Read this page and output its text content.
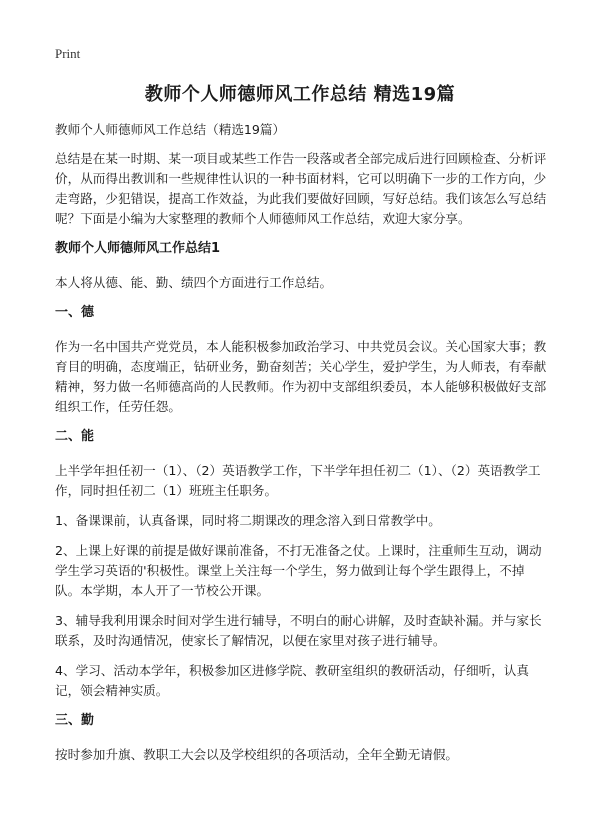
Print
教师个人师德师风工作总结 精选19篇

教师个人师德师风工作总结（精选19篇）

总结是在某一时期、某一项目或某些工作告一段落或者全部完成后进行回顾检查、分析评价，从而得出教训和一些规律性认识的一种书面材料，它可以明确下一步的工作方向，少走弯路，少犯错误，提高工作效益，为此我们要做好回顾，写好总结。我们该怎么写总结呢？下面是小编为大家整理的教师个人师德师风工作总结，欢迎大家分享。

教师个人师德师风工作总结1

本人将从德、能、勤、绩四个方面进行工作总结。

一、德

作为一名中国共产党党员，本人能积极参加政治学习、中共党员会议。关心国家大事；教育目的明确，态度端正，钻研业务，勤奋刻苦；关心学生，爱护学生，为人师表，有奉献精神，努力做一名师德高尚的人民教师。作为初中支部组织委员，本人能够积极做好支部组织工作，任劳任怨。

二、能

上半学年担任初一（1）、（2）英语教学工作，下半学年担任初二（1）、（2）英语教学工作，同时担任初二（1）班班主任职务。

1、备课课前，认真备课，同时将二期课改的理念溶入到日常教学中。

2、上课上好课的前提是做好课前准备，不打无准备之仗。上课时，注重师生互动，调动学生学习英语的'积极性。课堂上关注每一个学生，努力做到让每个学生跟得上，不掉队。本学期，本人开了一节校公开课。

3、辅导我利用课余时间对学生进行辅导，不明白的耐心讲解，及时查缺补漏。并与家长联系，及时沟通情况，使家长了解情况，以便在家里对孩子进行辅导。

4、学习、活动本学年，积极参加区进修学院、教研室组织的教研活动，仔细听，认真记，领会精神实质。

三、勤

按时参加升旗、教职工大会以及学校组织的各项活动，全年全勤无请假。
